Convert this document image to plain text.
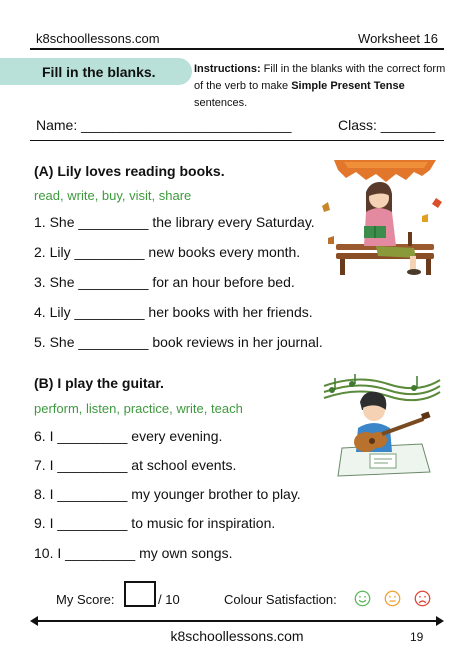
k8schoollessons.com	Worksheet 16
Fill in the blanks.	Instructions: Fill in the blanks with the correct form of the verb to make Simple Present Tense sentences.
Name: ___________________________	Class: _______
(A) Lily loves reading books.
read, write, buy, visit, share
1. She _________ the library every Saturday.
2. Lily _________ new books every month.
3. She _________ for an hour before bed.
4. Lily _________ her books with her friends.
5. She _________ book reviews in her journal.
(B) I play the guitar.
perform, listen, practice, write, teach
6. I _________ every evening.
7. I _________ at school events.
8. I _________ my younger brother to play.
9. I _________ to music for inspiration.
10. I _________ my own songs.
My Score:	/ 10	Colour Satisfaction:
k8schoollessons.com	19
